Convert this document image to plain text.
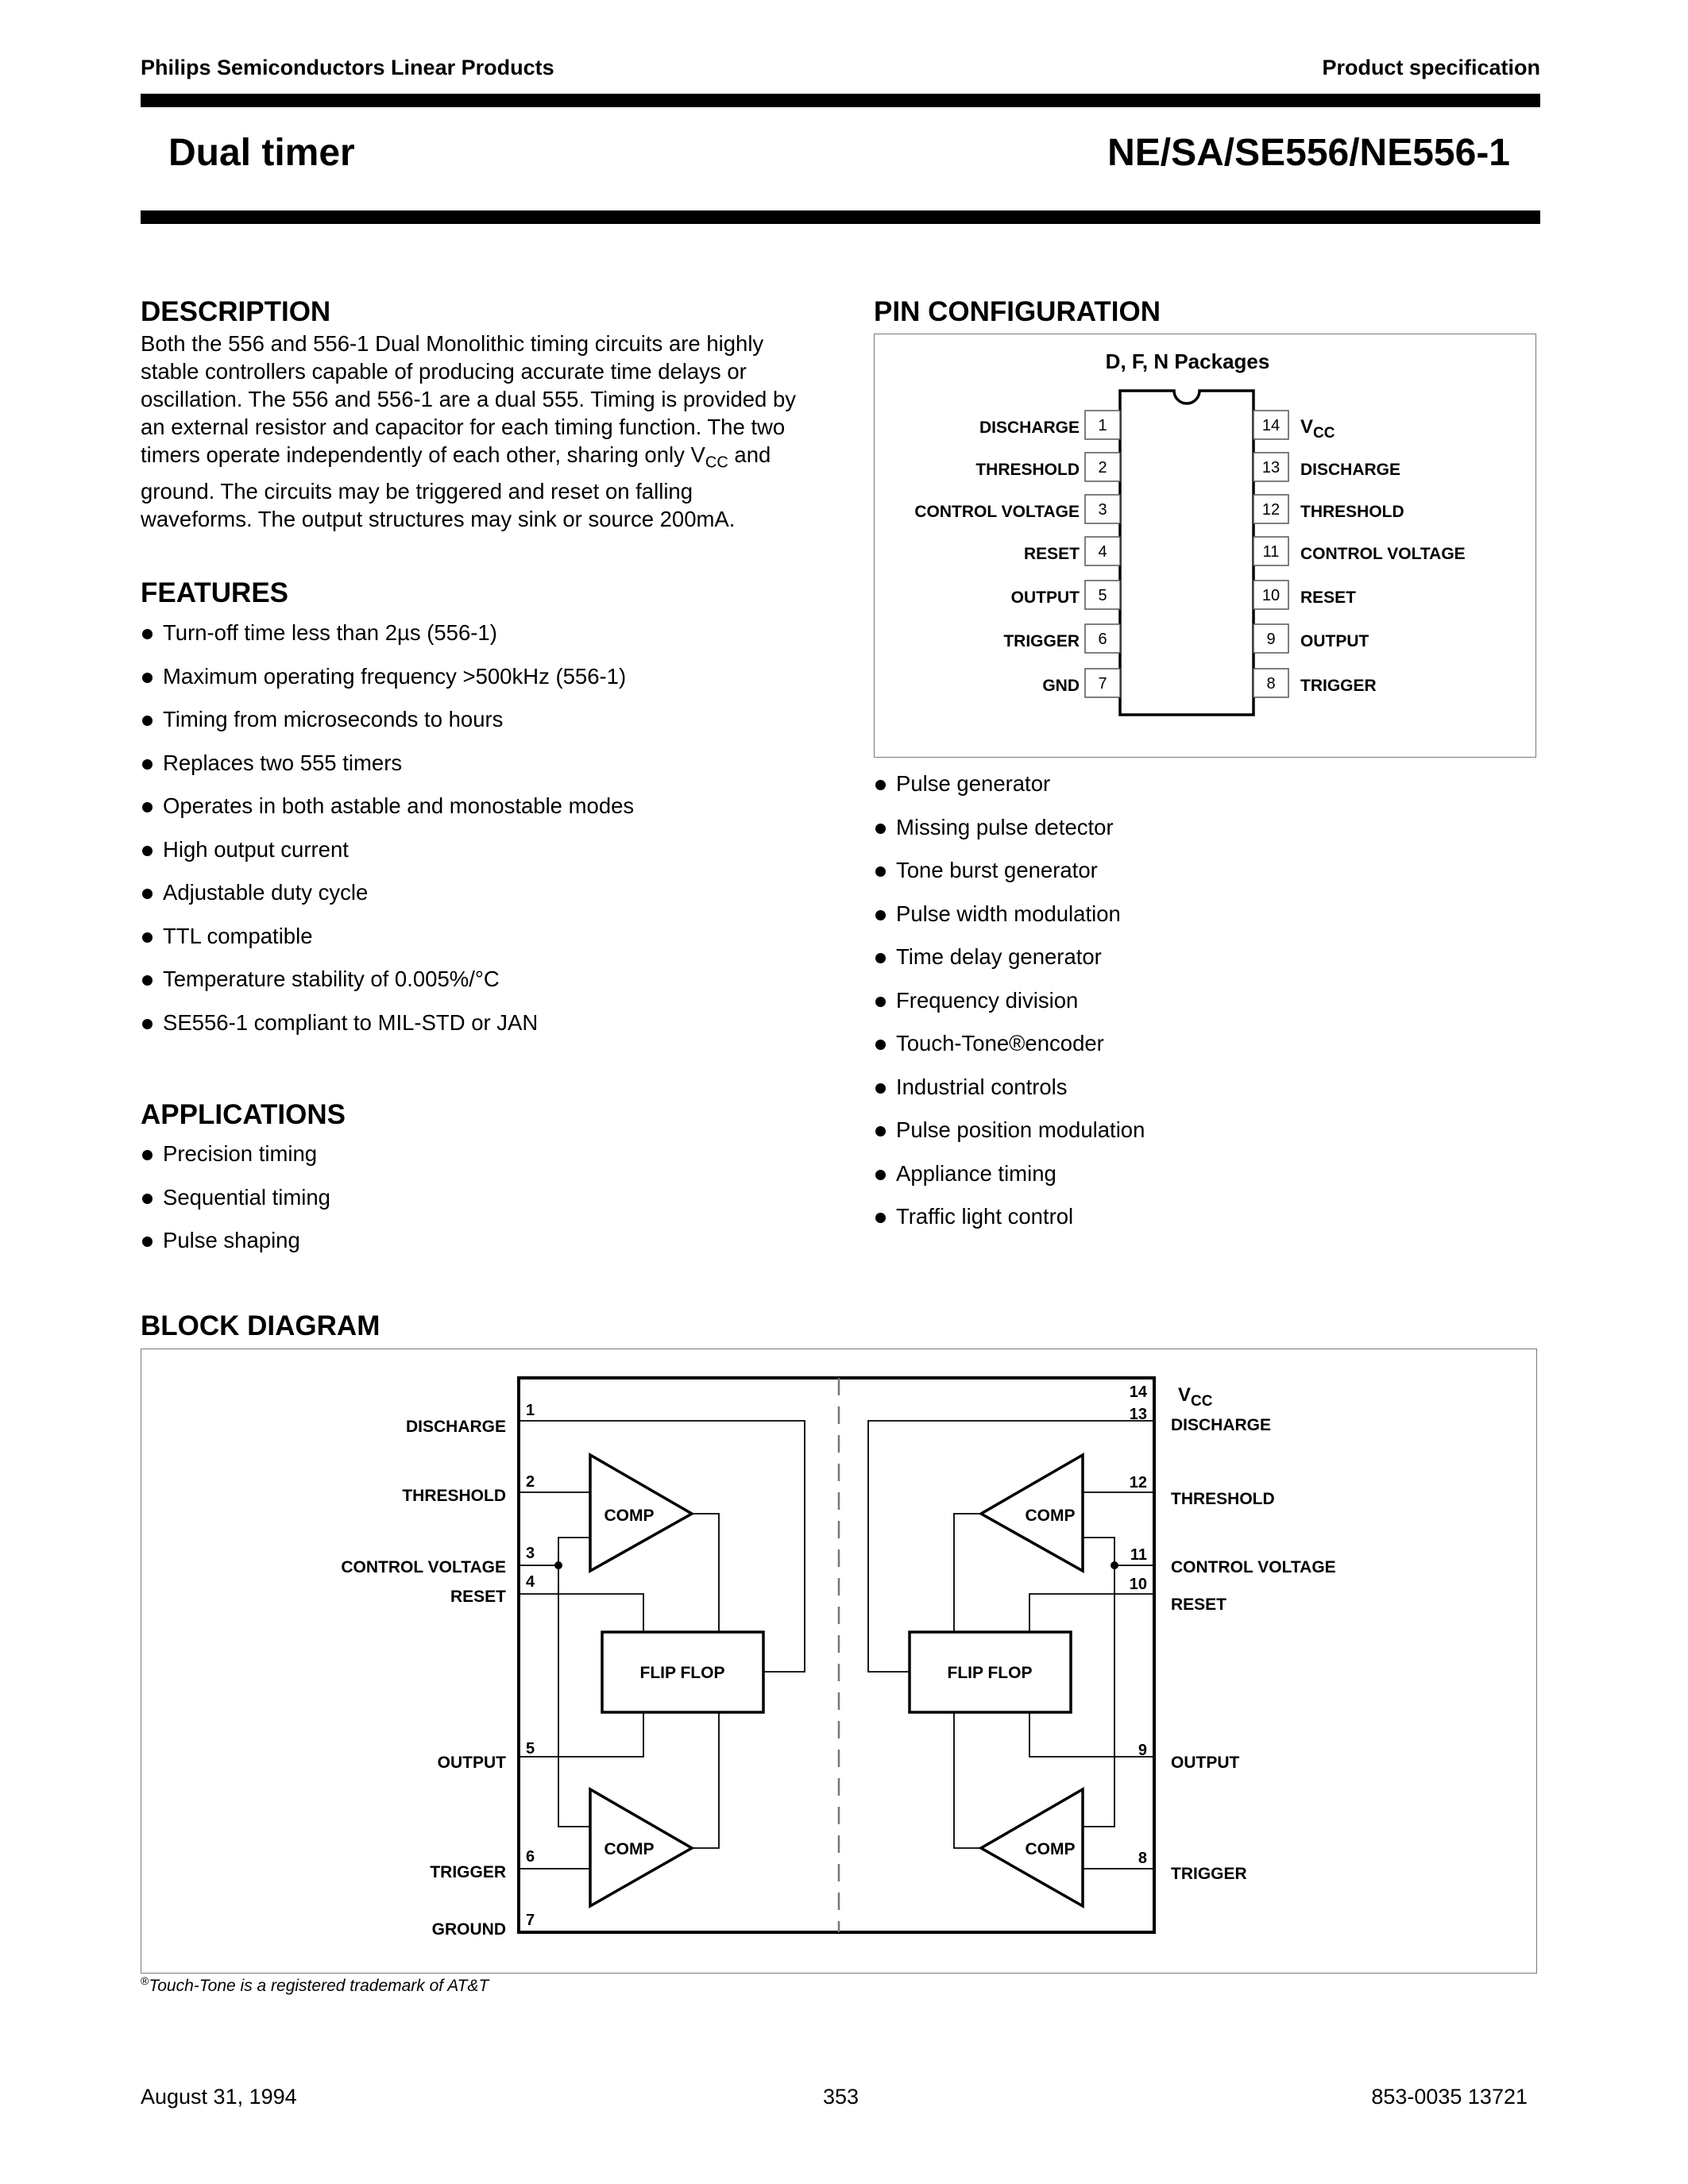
Philips Semiconductors Linear Products	Product specification
Dual timer	NE/SA/SE556/NE556-1
DESCRIPTION
Both the 556 and 556-1 Dual Monolithic timing circuits are highly
stable controllers capable of producing accurate time delays or
oscillation. The 556 and 556-1 are a dual 555. Timing is provided by
an external resistor and capacitor for each timing function. The two
timers operate independently of each other, sharing only $V_{CC}$ and
ground. The circuits may be triggered and reset on falling
waveforms. The output structures may sink or source 200mA.
FEATURES
Turn-off time less than 2µs (556-1)
Maximum operating frequency >500kHz (556-1)
Timing from microseconds to hours
Replaces two 555 timers
Operates in both astable and monostable modes
High output current
Adjustable duty cycle
TTL compatible
Temperature stability of 0.005%/°C
SE556-1 compliant to MIL-STD or JAN
APPLICATIONS
Precision timing
Sequential timing
Pulse shaping
Pulse generator
Missing pulse detector
Tone burst generator
Pulse width modulation
Time delay generator
Frequency division
Touch-Tone®encoder
Industrial controls
Pulse position modulation
Appliance timing
Traffic light control
PIN CONFIGURATION
D, F, N Packages
1
DISCHARGE
2
THRESHOLD
3
CONTROL VOLTAGE
4
RESET
5
OUTPUT
6
TRIGGER
7
GND
14 $V_{CC}$
13 DISCHARGE
12 THRESHOLD
11 CONTROL VOLTAGE
10 RESET
9 OUTPUT
8 TRIGGER
BLOCK DIAGRAM
COMP
COMP
COMP
COMP
FLIP FLOP	FLIP FLOP
DISCHARGE
THRESHOLD
CONTROL VOLTAGE
RESET
OUTPUT
TRIGGER
GROUND
1
2
3
4
5
6
7
DISCHARGE
THRESHOLD
CONTROL VOLTAGE
RESET
OUTPUT
TRIGGER
14
13
12
11
10
9
8
$V_{CC}$
®Touch-Tone is a registered trademark of AT&T
August 31, 1994	353	853-0035 13721
